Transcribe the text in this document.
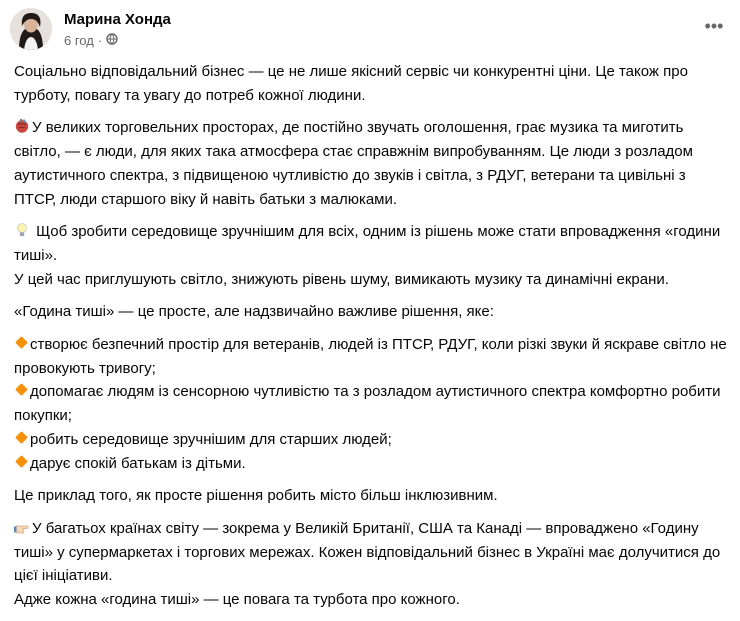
Марина Хонда
6 год ·
•••

Соціально відповідальний бізнес — це не лише якісний сервіс чи конкурентні ціни. Це також про турботу, повагу та увагу до потреб кожної людини.

У великих торговельних просторах, де постійно звучать оголошення, грає музика та миготить світло, — є люди, для яких така атмосфера стає справжнім випробуванням. Це люди з розладом аутистичного спектра, з підвищеною чутливістю до звуків і світла, з РДУГ, ветерани та цивільні з ПТСР, люди старшого віку й навіть батьки з малюками.

Щоб зробити середовище зручнішим для всіх, одним із рішень може стати впровадження «години тиші».
У цей час приглушують світло, знижують рівень шуму, вимикають музику та динамічні екрани.

«Година тиші» — це просте, але надзвичайно важливе рішення, яке:

створює безпечний простір для ветеранів, людей із ПТСР, РДУГ, коли різкі звуки й яскраве світло не провокують тривогу;

допомагає людям із сенсорною чутливістю та з розладом аутистичного спектра комфортно робити покупки;

робить середовище зручнішим для старших людей;

дарує спокій батькам із дітьми.

Це приклад того, як просте рішення робить місто більш інклюзивним.

У багатьох країнах світу — зокрема у Великій Британії, США та Канаді — впроваджено «Годину тиші» у супермаркетах і торгових мережах. Кожен відповідальний бізнес в Україні має долучитися до цієї ініціативи.
Адже кожна «година тиші» — це повага та турбота про кожного.
